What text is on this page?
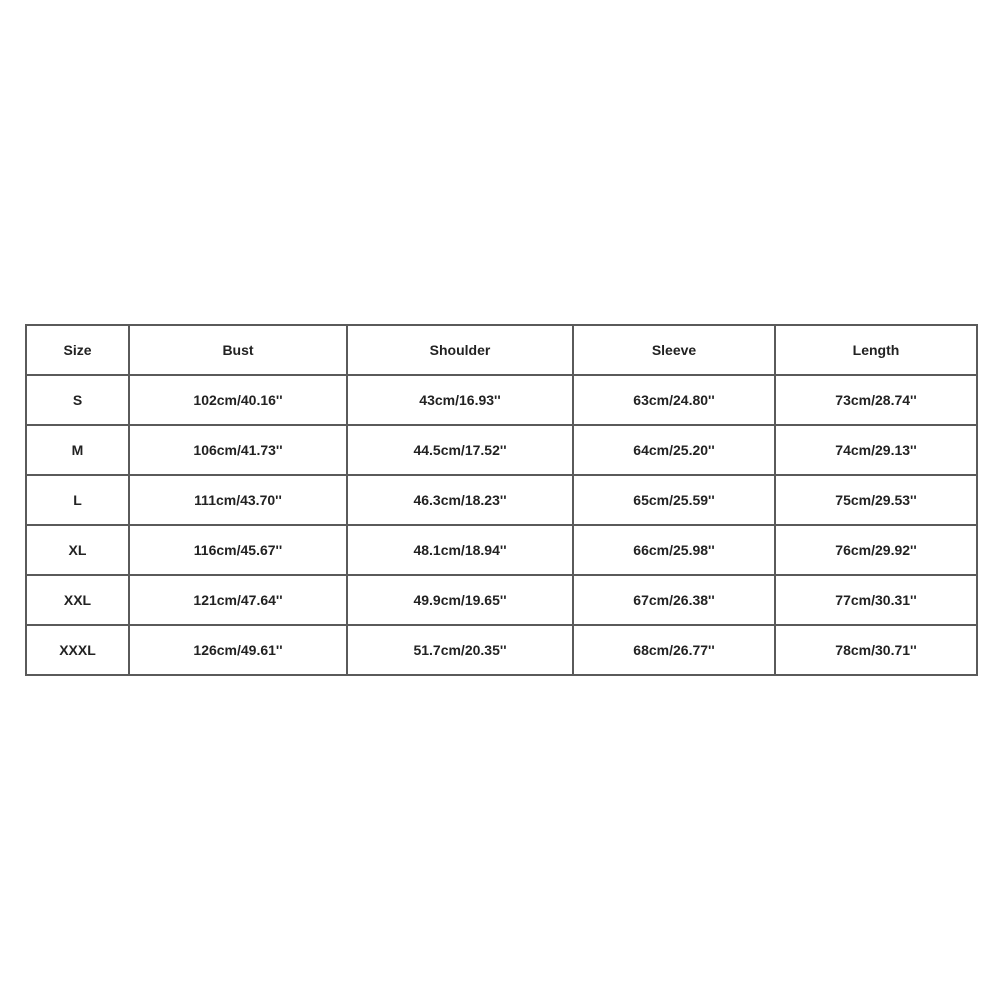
Size	Bust	Shoulder	Sleeve	Length
S	102cm/40.16''	43cm/16.93''	63cm/24.80''	73cm/28.74''
M	106cm/41.73''	44.5cm/17.52''	64cm/25.20''	74cm/29.13''
L	111cm/43.70''	46.3cm/18.23''	65cm/25.59''	75cm/29.53''
XL	116cm/45.67''	48.1cm/18.94''	66cm/25.98''	76cm/29.92''
XXL	121cm/47.64''	49.9cm/19.65''	67cm/26.38''	77cm/30.31''
XXXL	126cm/49.61''	51.7cm/20.35''	68cm/26.77''	78cm/30.71''
